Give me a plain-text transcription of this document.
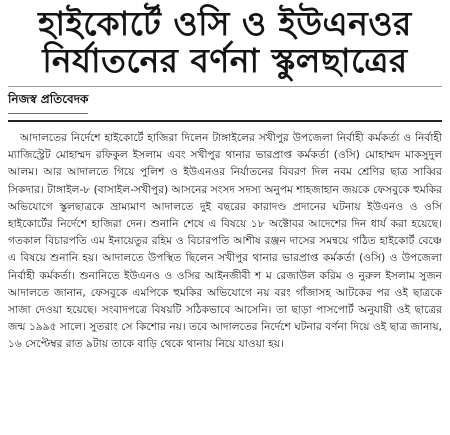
হাইকোর্টে ওসি ও ইউএনওর
নির্যাতনের বর্ণনা স্কুলছাত্রের
নিজস্ব প্রতিবেদক

আদালতের নির্দেশে হাইকোর্টে হাজিরা দিলেন টাঙ্গাইলের সখীপুর উপজেলা নির্বাহী কর্মকর্তা ও নির্বাহী ম্যাজিস্ট্রেট মোহাম্মদ রফিকুল ইসলাম এবং সখীপুর থানার ভারপ্রাপ্ত কর্মকর্তা (ওসি) মোহাম্মদ মাকসুদুল আলম। আর আদালতে গিয়ে পুলিশ ও ইউএনওর নির্যাতনের বিবরণ দিল নবম শ্রেণির ছাত্র সাব্বির সিকদার। টাঙ্গাইল-৮ (বাসাইল-সখীপুর) আসনের সংসদ সদস্য অনুপম শাহজাহান জয়কে ফেসবুকে হুমকির অভিযোগে স্কুলছাত্রকে ভ্রাম্যমাণ আদালতে দুই বছরের কারাদণ্ড প্রদানের ঘটনায় ইউএনও ও ওসি হাইকোর্টের নির্দেশে হাজিরা দেন। শুনানি শেষে এ বিষয়ে ১৮ অক্টোবর আদেশের দিন ধার্য করা হয়েছে। গতকাল বিচারপতি এম ইনায়েতুর রহিম ও বিচারপতি আশীষ রঞ্জন দাসের সমন্বয়ে গঠিত হাইকোর্ট বেঞ্চে এ বিষয়ে শুনানি হয়। আদালতে উপস্থিত ছিলেন সখীপুর থানার ভারপ্রাপ্ত কর্মকর্তা (ওসি) ও উপজেলা নির্বাহী কর্মকর্তা। শুনানিতে ইউএনও ও ওসির আইনজীবী শ ম রেজাউল করিম ও নুরুল ইসলাম সুজন আদালতে জানান, ফেসবুকে এমপিকে হুমকির অভিযোগে নয় বরং গাঁজাসহ আটকের পর ওই ছাত্রকে সাজা দেওয়া হয়েছে। সংবাদপত্রে বিষয়টি সঠিকভাবে আসেনি। তা ছাড়া পাসপোর্ট অনুযায়ী ওই ছাত্রের জন্ম ১৯৯৫ সালে। সুতরাং সে কিশোর নয়। তবে আদালতের নির্দেশে ঘটনার বর্ণনা দিয়ে ওই ছাত্র জানায়, ১৬ সেপ্টেম্বর রাত ৯টায় তাকে বাড়ি থেকে থানায় নিয়ে যাওয়া হয়।
